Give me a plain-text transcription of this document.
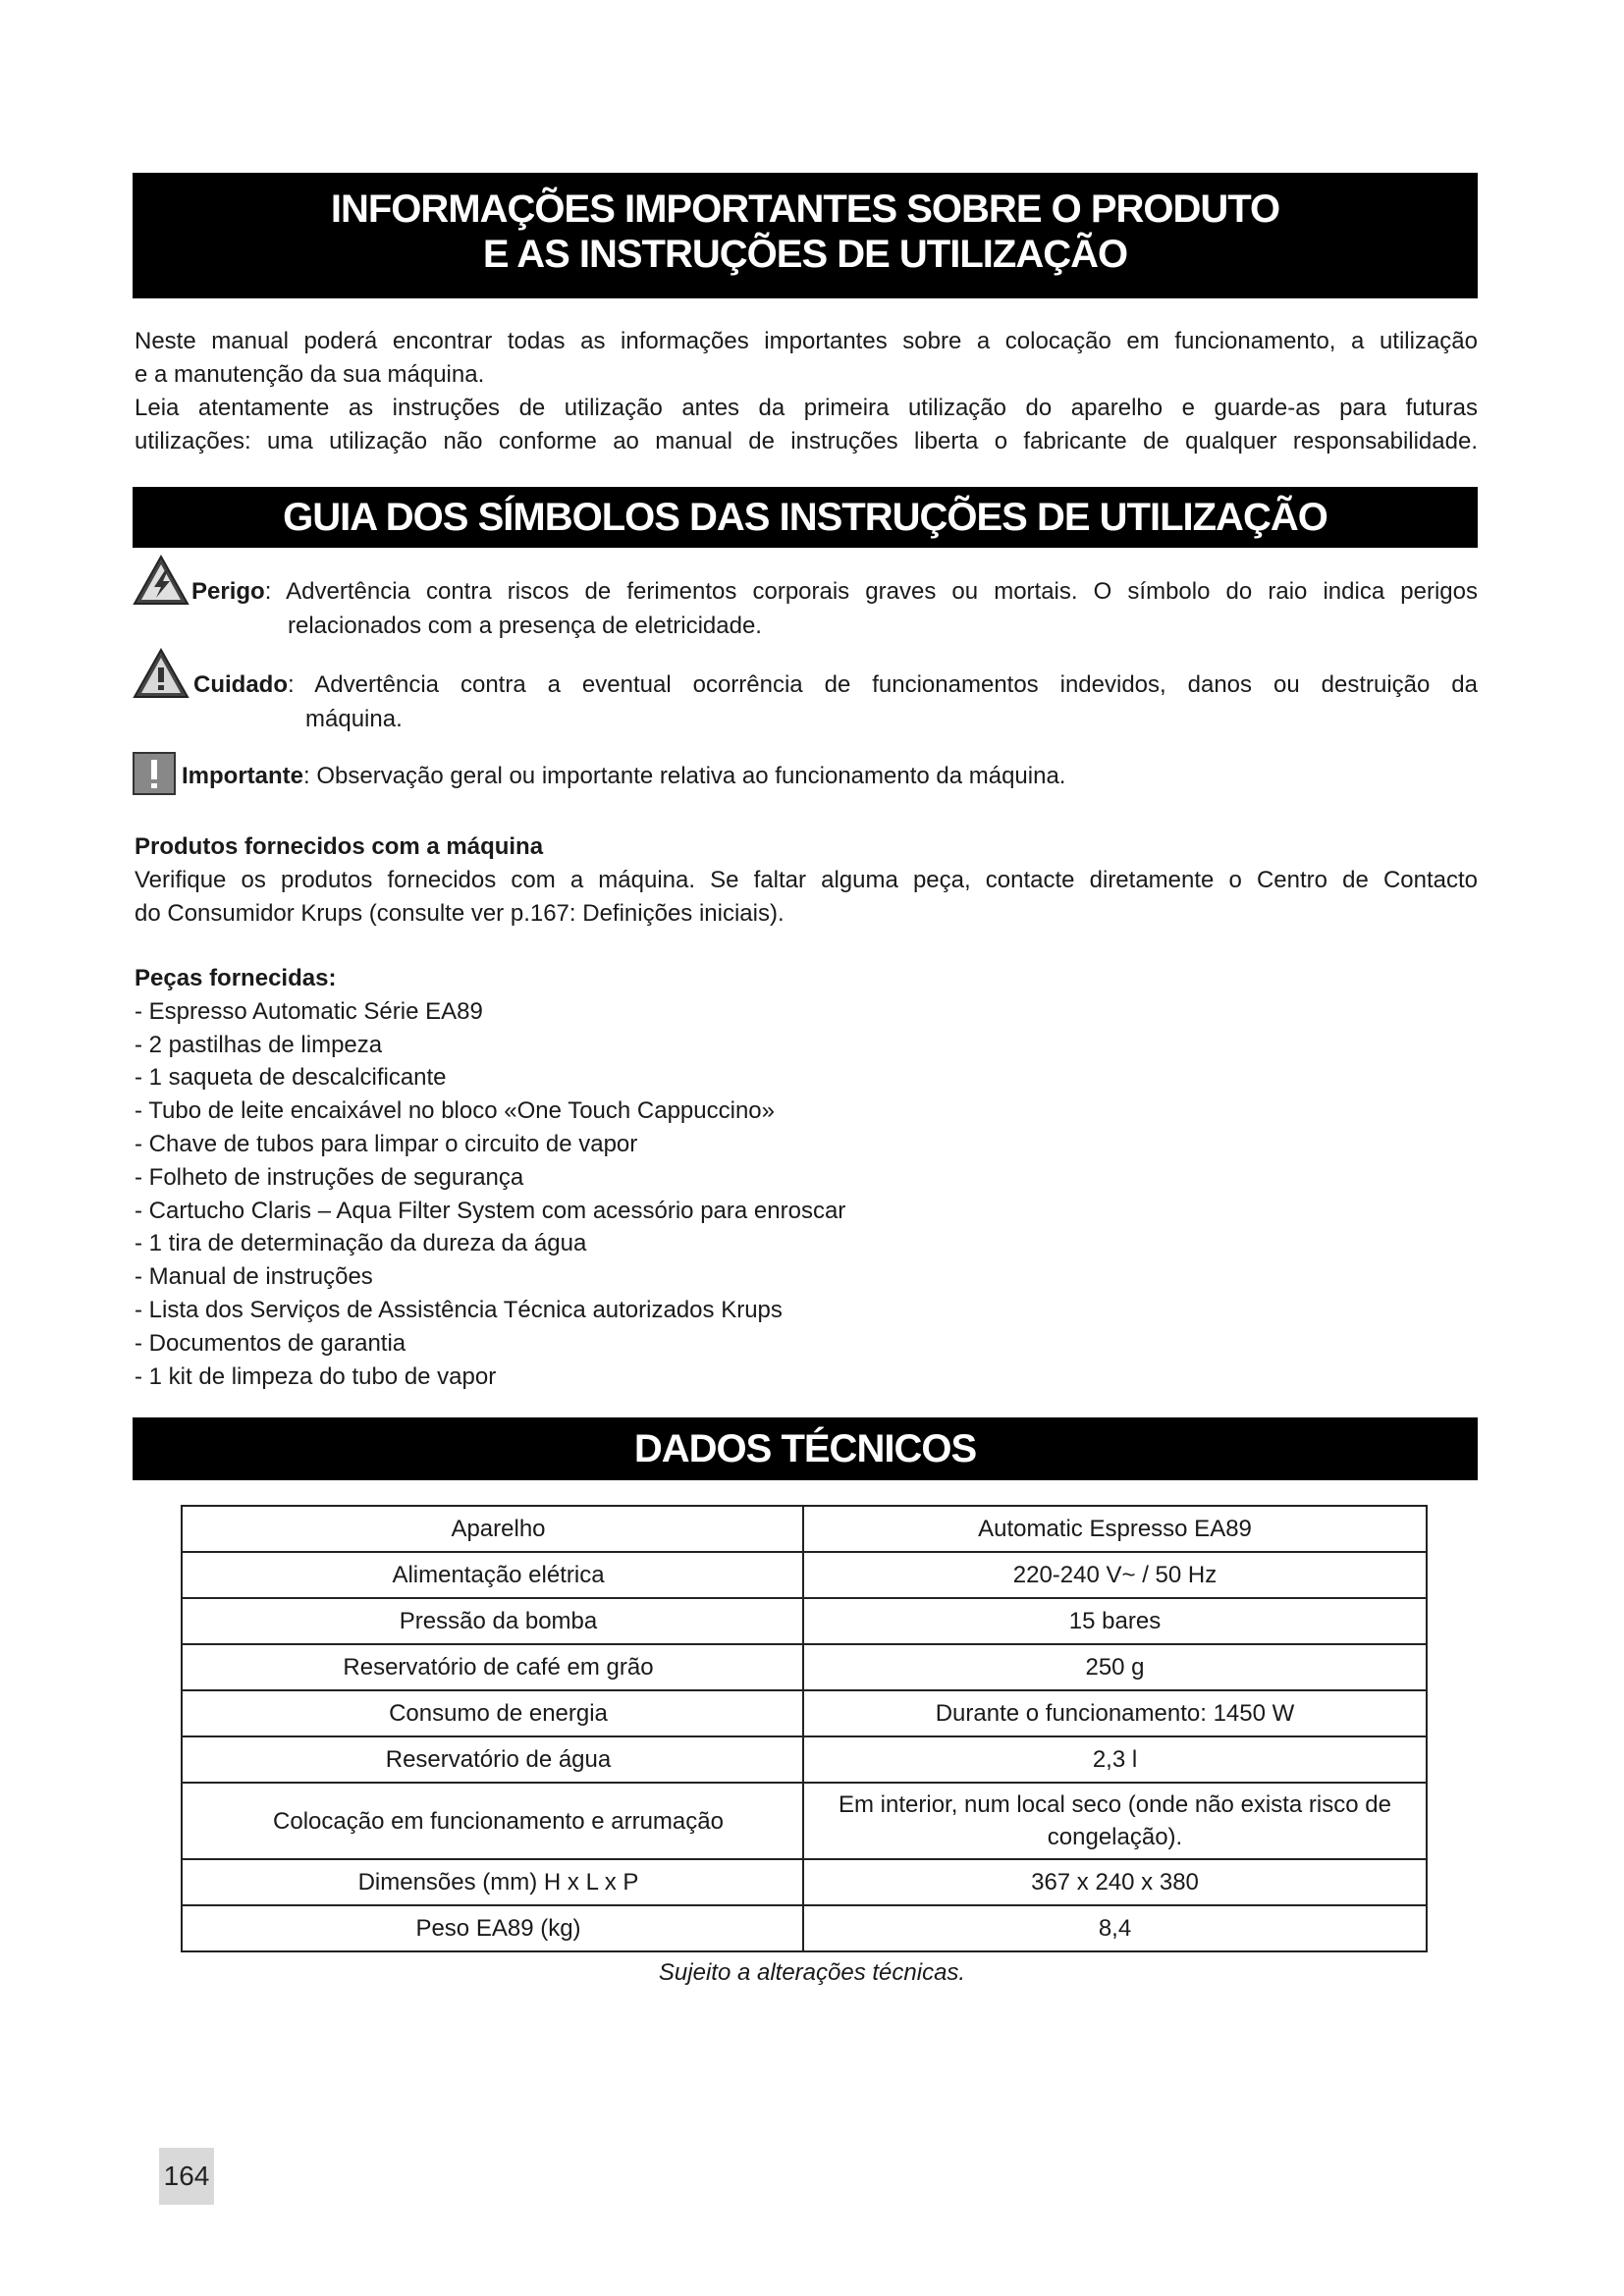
INFORMAÇÕES IMPORTANTES SOBRE O PRODUTO
E AS INSTRUÇÕES DE UTILIZAÇÃO
Neste manual poderá encontrar todas as informações importantes sobre a colocação em funcionamento, a utilização
e a manutenção da sua máquina.
Leia atentamente as instruções de utilização antes da primeira utilização do aparelho e guarde-as para futuras
utilizações: uma utilização não conforme ao manual de instruções liberta o fabricante de qualquer responsabilidade.
GUIA DOS SÍMBOLOS DAS INSTRUÇÕES DE UTILIZAÇÃO
Perigo: Advertência contra riscos de ferimentos corporais graves ou mortais. O símbolo do raio indica perigos
relacionados com a presença de eletricidade.
Cuidado: Advertência contra a eventual ocorrência de funcionamentos indevidos, danos ou destruição da
máquina.
Importante: Observação geral ou importante relativa ao funcionamento da máquina.
Produtos fornecidos com a máquina
Verifique os produtos fornecidos com a máquina. Se faltar alguma peça, contacte diretamente o Centro de Contacto
do Consumidor Krups (consulte ver p.167: Definições iniciais).
Peças fornecidas:
- Espresso Automatic Série EA89
- 2 pastilhas de limpeza
- 1 saqueta de descalcificante
- Tubo de leite encaixável no bloco «One Touch Cappuccino»
- Chave de tubos para limpar o circuito de vapor
- Folheto de instruções de segurança
- Cartucho Claris – Aqua Filter System com acessório para enroscar
- 1 tira de determinação da dureza da água
- Manual de instruções
- Lista dos Serviços de Assistência Técnica autorizados Krups
- Documentos de garantia
- 1 kit de limpeza do tubo de vapor
DADOS TÉCNICOS
Aparelho	Automatic Espresso EA89
Alimentação elétrica	220-240 V~ / 50 Hz
Pressão da bomba	15 bares
Reservatório de café em grão	250 g
Consumo de energia	Durante o funcionamento: 1450 W
Reservatório de água	2,3 l
Colocação em funcionamento e arrumação	Em interior, num local seco (onde não exista risco de congelação).
Dimensões (mm) H x L x P	367 x 240 x 380
Peso EA89 (kg)	8,4
Sujeito a alterações técnicas.
164
